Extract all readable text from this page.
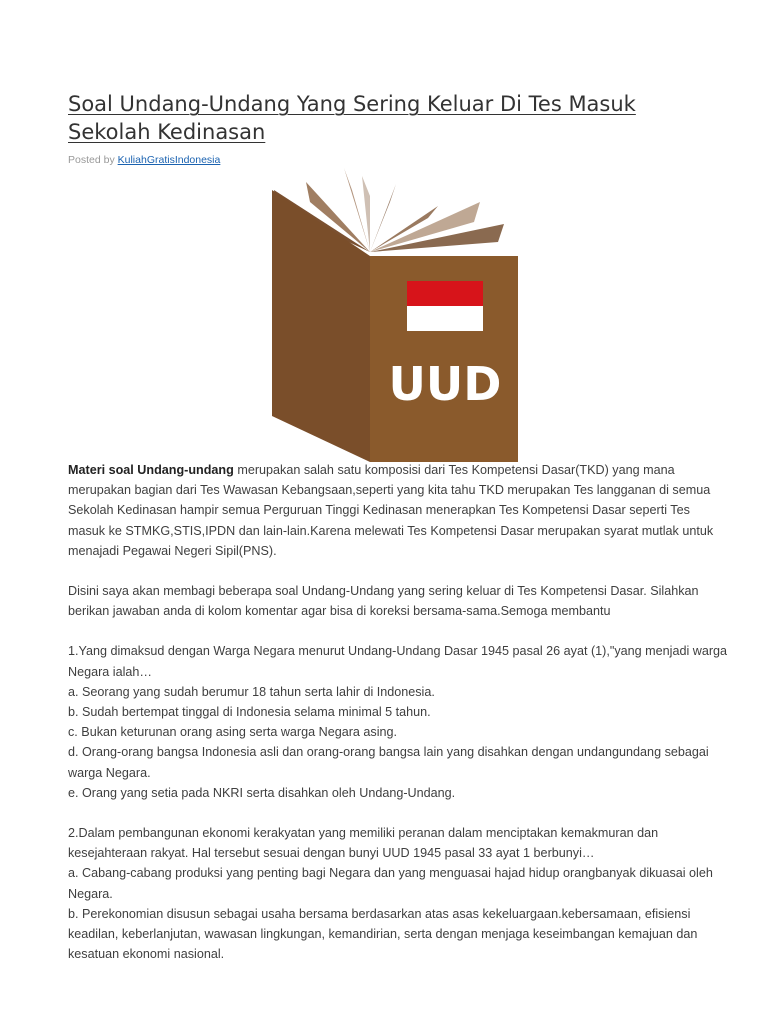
Soal Undang-Undang Yang Sering Keluar Di Tes Masuk Sekolah Kedinasan
Posted by KuliahGratisIndonesia
UUD

Materi soal Undang-undang merupakan salah satu komposisi dari Tes Kompetensi Dasar(TKD) yang mana merupakan bagian dari Tes Wawasan Kebangsaan,seperti yang kita tahu TKD merupakan Tes langganan di semua Sekolah Kedinasan hampir semua Perguruan Tinggi Kedinasan menerapkan Tes Kompetensi Dasar seperti Tes masuk ke STMKG,STIS,IPDN dan lain-lain.Karena melewati Tes Kompetensi Dasar merupakan syarat mutlak untuk menajadi Pegawai Negeri Sipil(PNS).

Disini saya akan membagi beberapa soal Undang-Undang yang sering keluar di Tes Kompetensi Dasar. Silahkan berikan jawaban anda di kolom komentar agar bisa di koreksi bersama-sama.Semoga membantu

1.Yang dimaksud dengan Warga Negara menurut Undang-Undang Dasar 1945 pasal 26 ayat (1),"yang menjadi warga Negara ialah…

a. Seorang yang sudah berumur 18 tahun serta lahir di Indonesia.

b. Sudah bertempat tinggal di Indonesia selama minimal 5 tahun.

c. Bukan keturunan orang asing serta warga Negara asing.

d. Orang-orang bangsa Indonesia asli dan orang-orang bangsa lain yang disahkan dengan undangundang sebagai warga Negara.

e. Orang yang setia pada NKRI serta disahkan oleh Undang-Undang.

2.Dalam pembangunan ekonomi kerakyatan yang memiliki peranan dalam menciptakan kemakmuran dan kesejahteraan rakyat. Hal tersebut sesuai dengan bunyi UUD 1945 pasal 33 ayat 1 berbunyi…

a. Cabang-cabang produksi yang penting bagi Negara dan yang menguasai hajad hidup orangbanyak dikuasai oleh Negara.

b. Perekonomian disusun sebagai usaha bersama berdasarkan atas asas kekeluargaan.kebersamaan, efisiensi keadilan, keberlanjutan, wawasan lingkungan, kemandirian, serta dengan menjaga keseimbangan kemajuan dan kesatuan ekonomi nasional.
